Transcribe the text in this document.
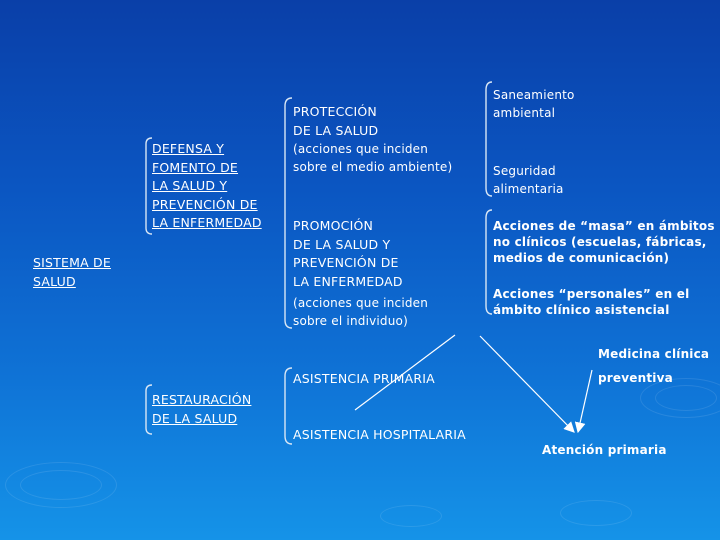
SISTEMA DE
SALUD
DEFENSA Y
FOMENTO DE
LA SALUD Y
PREVENCIÓN DE
LA ENFERMEDAD
RESTAURACIÓN
DE LA SALUD
PROTECCIÓN
DE LA SALUD
(acciones que inciden
sobre el medio ambiente)
PROMOCIÓN
DE LA SALUD Y
PREVENCIÓN DE
LA ENFERMEDAD
(acciones que inciden
sobre el individuo)
ASISTENCIA PRIMARIA
ASISTENCIA HOSPITALARIA
Saneamiento
ambiental
Seguridad
alimentaria
Acciones de “masa” en ámbitos
no clínicos (escuelas, fábricas,
medios de comunicación)
Acciones “personales” en el
ámbito clínico asistencial
Medicina clínica
preventiva
Atención primaria
